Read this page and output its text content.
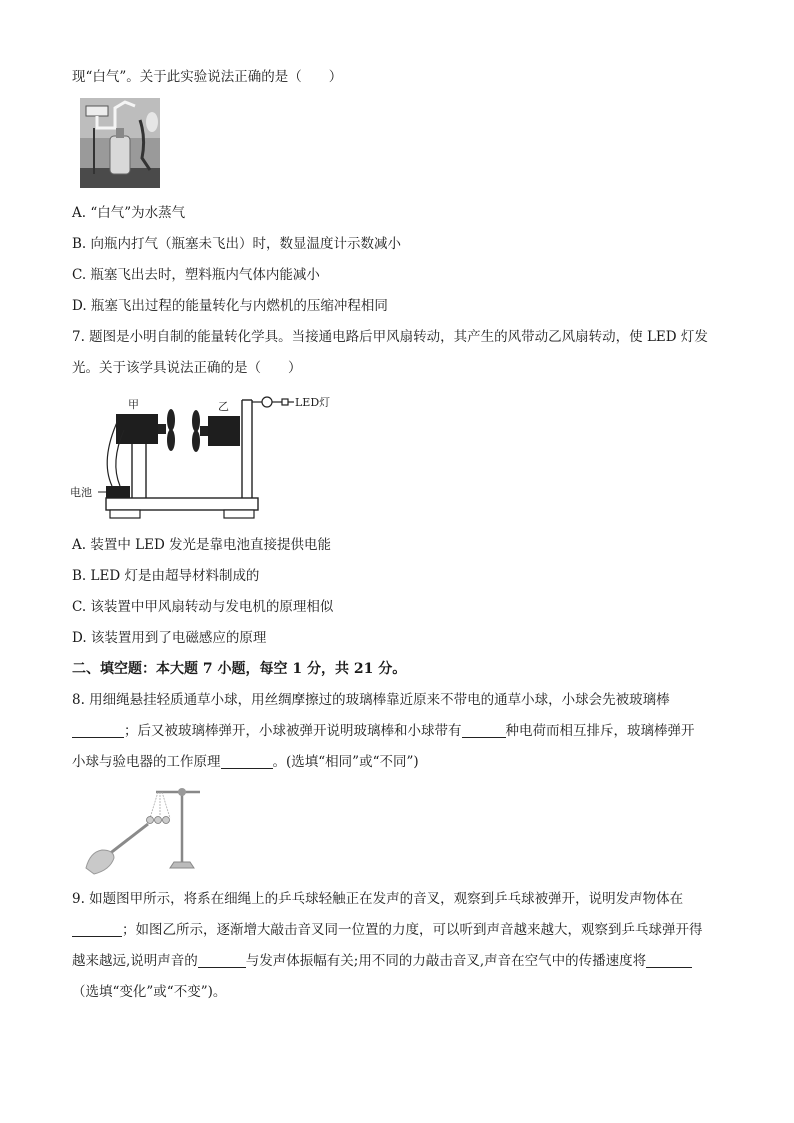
现“白气”。关于此实验说法正确的是（　　）
A. “白气”为水蒸气
B. 向瓶内打气（瓶塞未飞出）时，数显温度计示数减小
C. 瓶塞飞出去时，塑料瓶内气体内能减小
D. 瓶塞飞出过程的能量转化与内燃机的压缩冲程相同
7. 题图是小明自制的能量转化学具。当接通电路后甲风扇转动，其产生的风带动乙风扇转动，使 LED 灯发
光。关于该学具说法正确的是（　　）
甲	乙	LED灯
电池
A. 装置中 LED 发光是靠电池直接提供电能
B. LED 灯是由超导材料制成的
C. 该装置中甲风扇转动与发电机的原理相似
D. 该装置用到了电磁感应的原理
二、填空题：本大题 7 小题，每空 1 分，共 21 分。
8. 用细绳悬挂轻质通草小球，用丝绸摩擦过的玻璃棒靠近原来不带电的通草小球，小球会先被玻璃棒
；后又被玻璃棒弹开，小球被弹开说明玻璃棒和小球带有	种电荷而相互排斥，玻璃棒弹开
小球与验电器的工作原理	。(选填“相同”或“不同”)
9. 如题图甲所示，将系在细绳上的乒乓球轻触正在发声的音叉，观察到乒乓球被弹开，说明发声物体在
；如图乙所示，逐渐增大敲击音叉同一位置的力度，可以听到声音越来越大，观察到乒乓球弹开得
越来越远,说明声音的	与发声体振幅有关;用不同的力敲击音叉,声音在空气中的传播速度将
（选填“变化”或“不变”)。
